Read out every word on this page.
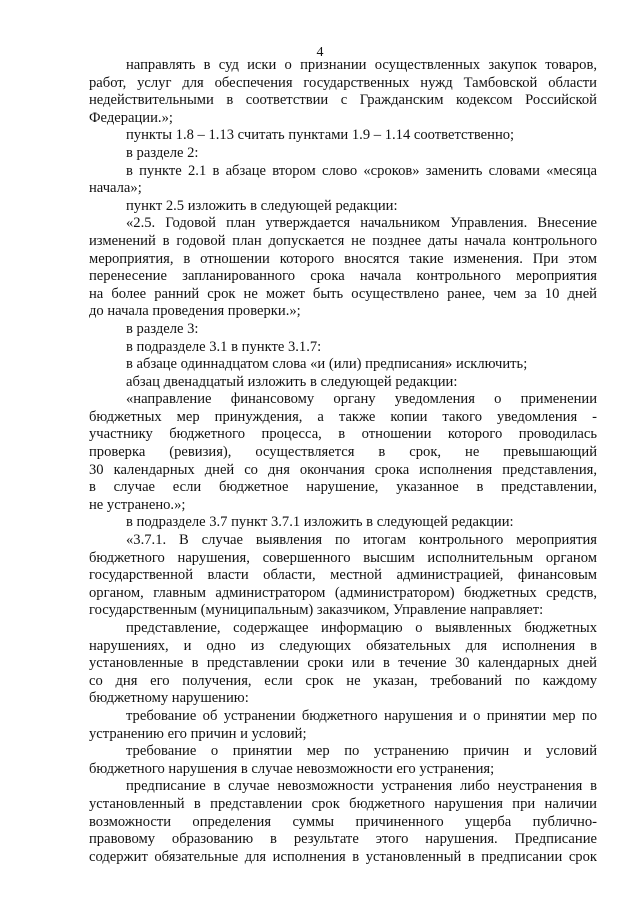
4
направлять в суд иски о признании осуществленных закупок товаров,
работ, услуг для обеспечения государственных нужд Тамбовской области
недействительными в соответствии с Гражданским кодексом Российской
Федерации.»;
пункты 1.8 – 1.13 считать пунктами 1.9 – 1.14 соответственно;
в разделе 2:
в пункте 2.1 в абзаце втором слово «сроков» заменить словами «месяца
начала»;
пункт 2.5 изложить в следующей редакции:
«2.5. Годовой план утверждается начальником Управления. Внесение
изменений в годовой план допускается не позднее даты начала контрольного
мероприятия, в отношении которого вносятся такие изменения. При этом
перенесение запланированного срока начала контрольного мероприятия
на более ранний срок не может быть осуществлено ранее, чем за 10 дней
до начала проведения проверки.»;
в разделе 3:
в подразделе 3.1 в пункте 3.1.7:
в абзаце одиннадцатом слова «и (или) предписания» исключить;
абзац двенадцатый изложить в следующей редакции:
«направление финансовому органу уведомления о применении
бюджетных мер принуждения, а также копии такого уведомления -
участнику бюджетного процесса, в отношении которого проводилась
проверка (ревизия), осуществляется в срок, не превышающий
30 календарных дней со дня окончания срока исполнения представления,
в случае если бюджетное нарушение, указанное в представлении,
не устранено.»;
в подразделе 3.7 пункт 3.7.1 изложить в следующей редакции:
«3.7.1. В случае выявления по итогам контрольного мероприятия
бюджетного нарушения, совершенного высшим исполнительным органом
государственной власти области, местной администрацией, финансовым
органом, главным администратором (администратором) бюджетных средств,
государственным (муниципальным) заказчиком, Управление направляет:
представление, содержащее информацию о выявленных бюджетных
нарушениях, и одно из следующих обязательных для исполнения в
установленные в представлении сроки или в течение 30 календарных дней
со дня его получения, если срок не указан, требований по каждому
бюджетному нарушению:
требование об устранении бюджетного нарушения и о принятии мер по
устранению его причин и условий;
требование о принятии мер по устранению причин и условий
бюджетного нарушения в случае невозможности его устранения;
предписание в случае невозможности устранения либо неустранения в
установленный в представлении срок бюджетного нарушения при наличии
возможности определения суммы причиненного ущерба публично-
правовому образованию в результате этого нарушения. Предписание
содержит обязательные для исполнения в установленный в предписании срок
